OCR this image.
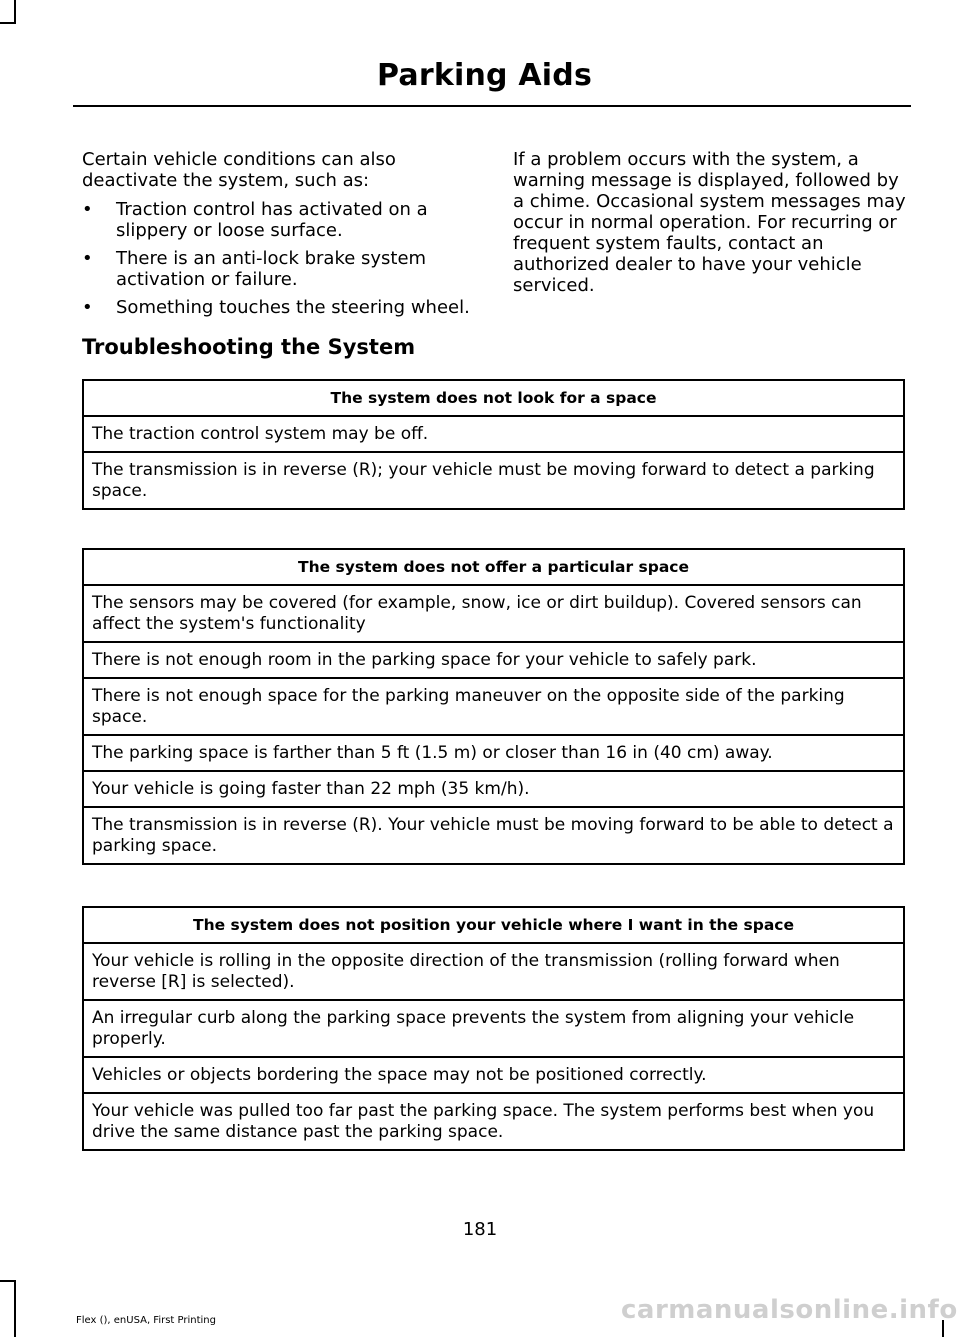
Parking Aids

Certain vehicle conditions can also deactivate the system, such as:

• Traction control has activated on a slippery or loose surface.
• There is an anti-lock brake system activation or failure.
• Something touches the steering wheel.

If a problem occurs with the system, a warning message is displayed, followed by a chime. Occasional system messages may occur in normal operation. For recurring or frequent system faults, contact an authorized dealer to have your vehicle serviced.

Troubleshooting the System
The system does not look for a space
The traction control system may be off.
The transmission is in reverse (R); your vehicle must be moving forward to detect a parking space.
The system does not offer a particular space
The sensors may be covered (for example, snow, ice or dirt buildup). Covered sensors can affect the system's functionality
There is not enough room in the parking space for your vehicle to safely park.
There is not enough space for the parking maneuver on the opposite side of the parking space.
The parking space is farther than 5 ft (1.5 m) or closer than 16 in (40 cm) away.
Your vehicle is going faster than 22 mph (35 km/h).
The transmission is in reverse (R). Your vehicle must be moving forward to be able to detect a parking space.
The system does not position your vehicle where I want in the space
Your vehicle is rolling in the opposite direction of the transmission (rolling forward when reverse [R] is selected).
An irregular curb along the parking space prevents the system from aligning your vehicle properly.
Vehicles or objects bordering the space may not be positioned correctly.
Your vehicle was pulled too far past the parking space. The system performs best when you drive the same distance past the parking space.
181
Flex (), enUSA, First Printing	carmanualsonline.info
